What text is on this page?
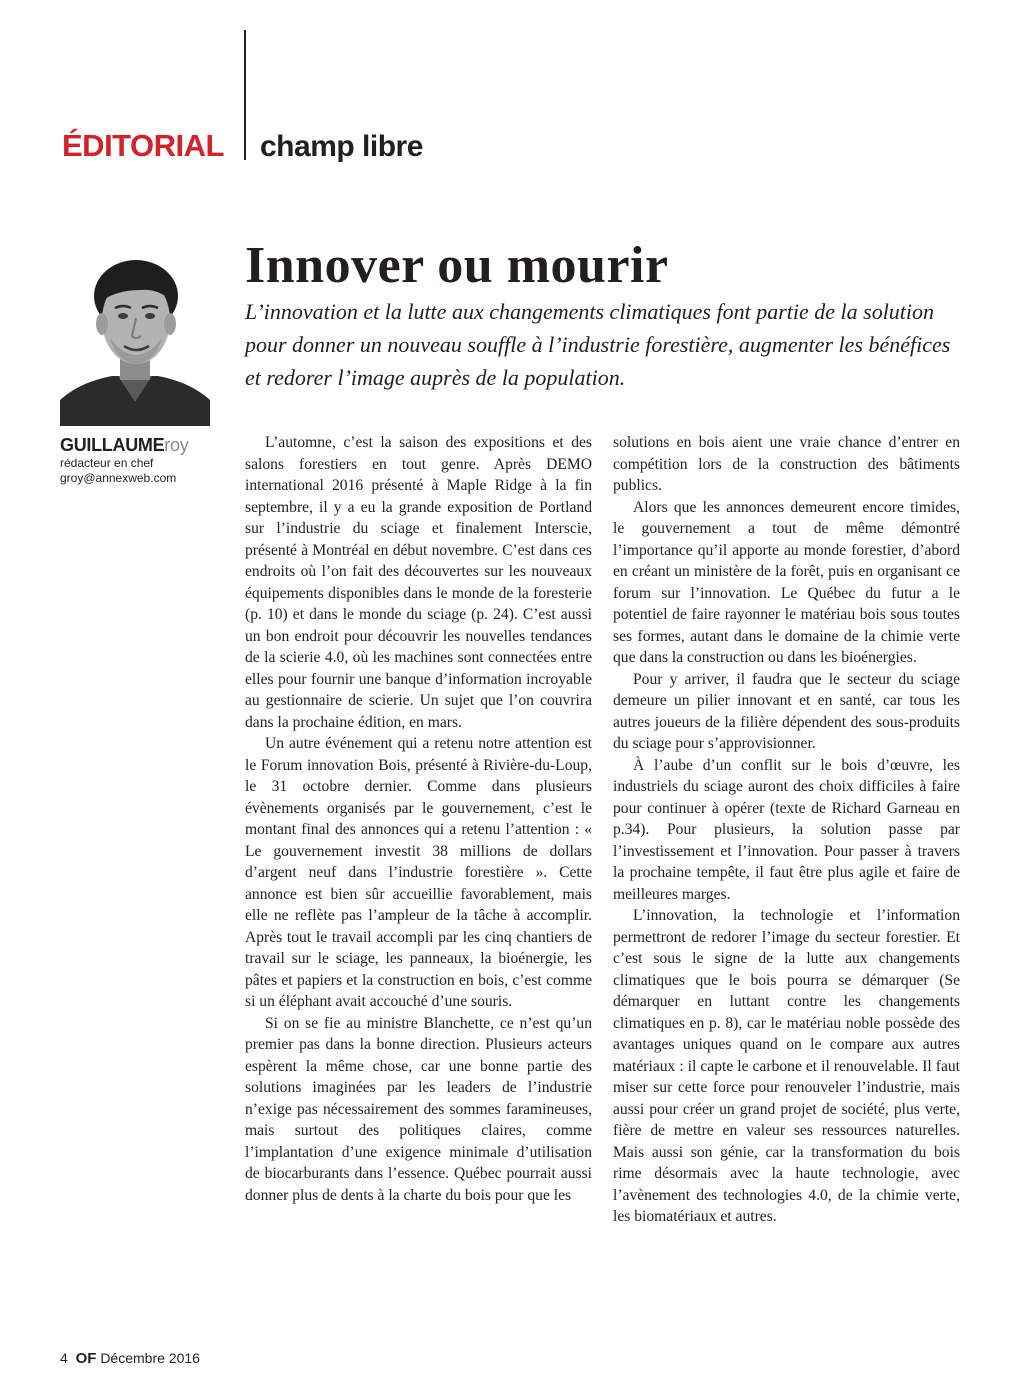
ÉDITORIAL champ libre
Innover ou mourir

L’innovation et la lutte aux changements climatiques font partie de la solution pour donner un nouveau souffle à l’industrie forestière, augmenter les bénéfices et redorer l’image auprès de la population.

GUILLAUMEroy
rédacteur en chef
groy@annexweb.com

L’automne, c’est la saison des expositions et des salons forestiers en tout genre. Après DEMO international 2016 présenté à Maple Ridge à la fin septembre, il y a eu la grande exposition de Portland sur l’industrie du sciage et finalement Interscie, présenté à Montréal en début novembre. C’est dans ces endroits où l’on fait des découvertes sur les nouveaux équipements disponibles dans le monde de la foresterie (p. 10) et dans le monde du sciage (p. 24). C’est aussi un bon endroit pour découvrir les nouvelles tendances de la scierie 4.0, où les machines sont connectées entre elles pour fournir une banque d’information incroyable au gestionnaire de scierie. Un sujet que l’on couvrira dans la prochaine édition, en mars.

Un autre événement qui a retenu notre attention est le Forum innovation Bois, présenté à Rivière-du-Loup, le 31 octobre dernier. Comme dans plusieurs évènements organisés par le gouvernement, c’est le montant final des annonces qui a retenu l’attention : « Le gouvernement investit 38 millions de dollars d’argent neuf dans l’industrie forestière ». Cette annonce est bien sûr accueillie favorablement, mais elle ne reflète pas l’ampleur de la tâche à accomplir. Après tout le travail accompli par les cinq chantiers de travail sur le sciage, les panneaux, la bioénergie, les pâtes et papiers et la construction en bois, c’est comme si un éléphant avait accouché d’une souris.

Si on se fie au ministre Blanchette, ce n’est qu’un premier pas dans la bonne direction. Plusieurs acteurs espèrent la même chose, car une bonne partie des solutions imaginées par les leaders de l’industrie n’exige pas nécessairement des sommes faramineuses, mais surtout des politiques claires, comme l’implantation d’une exigence minimale d’utilisation de biocarburants dans l’essence. Québec pourrait aussi donner plus de dents à la charte du bois pour que les

solutions en bois aient une vraie chance d’entrer en compétition lors de la construction des bâtiments publics.

Alors que les annonces demeurent encore timides, le gouvernement a tout de même démontré l’importance qu’il apporte au monde forestier, d’abord en créant un ministère de la forêt, puis en organisant ce forum sur l’innovation. Le Québec du futur a le potentiel de faire rayonner le matériau bois sous toutes ses formes, autant dans le domaine de la chimie verte que dans la construction ou dans les bioénergies.

Pour y arriver, il faudra que le secteur du sciage demeure un pilier innovant et en santé, car tous les autres joueurs de la filière dépendent des sous-produits du sciage pour s’approvisionner.

À l’aube d’un conflit sur le bois d’œuvre, les industriels du sciage auront des choix difficiles à faire pour continuer à opérer (texte de Richard Garneau en p.34). Pour plusieurs, la solution passe par l’investissement et l’innovation. Pour passer à travers la prochaine tempête, il faut être plus agile et faire de meilleures marges.

L’innovation, la technologie et l’information permettront de redorer l’image du secteur forestier. Et c’est sous le signe de la lutte aux changements climatiques que le bois pourra se démarquer (Se démarquer en luttant contre les changements climatiques en p. 8), car le matériau noble possède des avantages uniques quand on le compare aux autres matériaux : il capte le carbone et il renouvelable. Il faut miser sur cette force pour renouveler l’industrie, mais aussi pour créer un grand projet de société, plus verte, fière de mettre en valeur ses ressources naturelles. Mais aussi son génie, car la transformation du bois rime désormais avec la haute technologie, avec l’avènement des technologies 4.0, de la chimie verte, les biomatériaux et autres.

4 OF Décembre 2016
